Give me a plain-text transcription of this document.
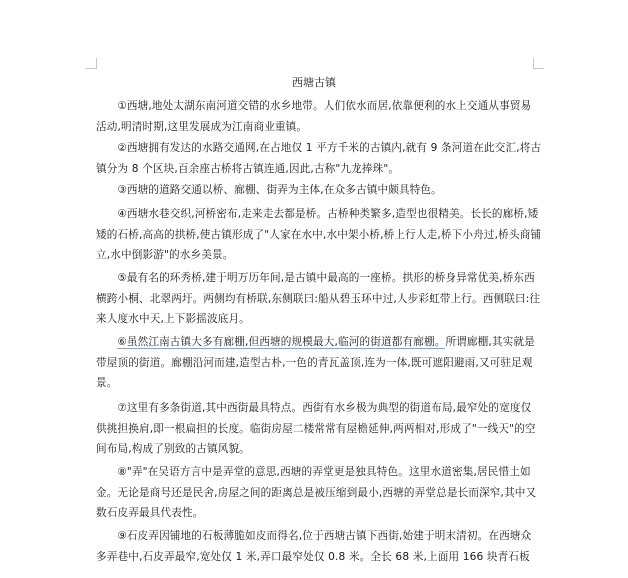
西塘古镇

①西塘,地处太湖东南河道交错的水乡地带。人们依水而居,依靠便利的水上交通从事贸易活动,明清时期,这里发展成为江南商业重镇。

②西塘拥有发达的水路交通网,在占地仅 1 平方千米的古镇内,就有 9 条河道在此交汇,将古镇分为 8 个区块,百余座古桥将古镇连通,因此,古称"九龙捧珠"。

③西塘的道路交通以桥、廊棚、街弄为主体,在众多古镇中颇具特色。

④西塘水巷交织,河桥密布,走来走去都是桥。古桥种类繁多,造型也很精美。长长的廊桥,矮矮的石桥,高高的拱桥,使古镇形成了"人家在水中,水中架小桥,桥上行人走,桥下小舟过,桥头商铺立,水中倒影游"的水乡美景。

⑤最有名的环秀桥,建于明万历年间,是古镇中最高的一座桥。拱形的桥身异常优美,桥东西横跨小桐、北翠两圩。两侧均有桥联,东侧联曰:船从碧玉环中过,人步彩虹带上行。西侧联曰:往来人度水中天,上下影摇波底月。

⑥虽然江南古镇大多有廊棚,但西塘的规模最大,临河的街道都有廊棚。所谓廊棚,其实就是带屋顶的街道。廊棚沿河而建,造型古朴,一色的青瓦盖顶,连为一体,既可遮阳避雨,又可驻足观景。

⑦这里有多条街道,其中西街最具特点。西街有水乡极为典型的街道布局,最窄处的宽度仅供挑担换肩,即一根扁担的长度。临街房屋二楼常常有屋檐延伸,两两相对,形成了"一线天"的空间布局,构成了别致的古镇风貌。

⑧"弄"在吴语方言中是弄堂的意思,西塘的弄堂更是独具特色。这里水道密集,居民惜土如金。无论是商号还是民舍,房屋之间的距离总是被压缩到最小,西塘的弄堂总是长而深窄,其中又数石皮弄最具代表性。

⑨石皮弄因铺地的石板薄脆如皮而得名,位于西塘古镇下西街,始建于明末清初。在西塘众多弄巷中,石皮弄最窄,宽处仅 1 米,弄口最窄处仅 0.8 米。全长 68 米,上面用 166 块青石板
